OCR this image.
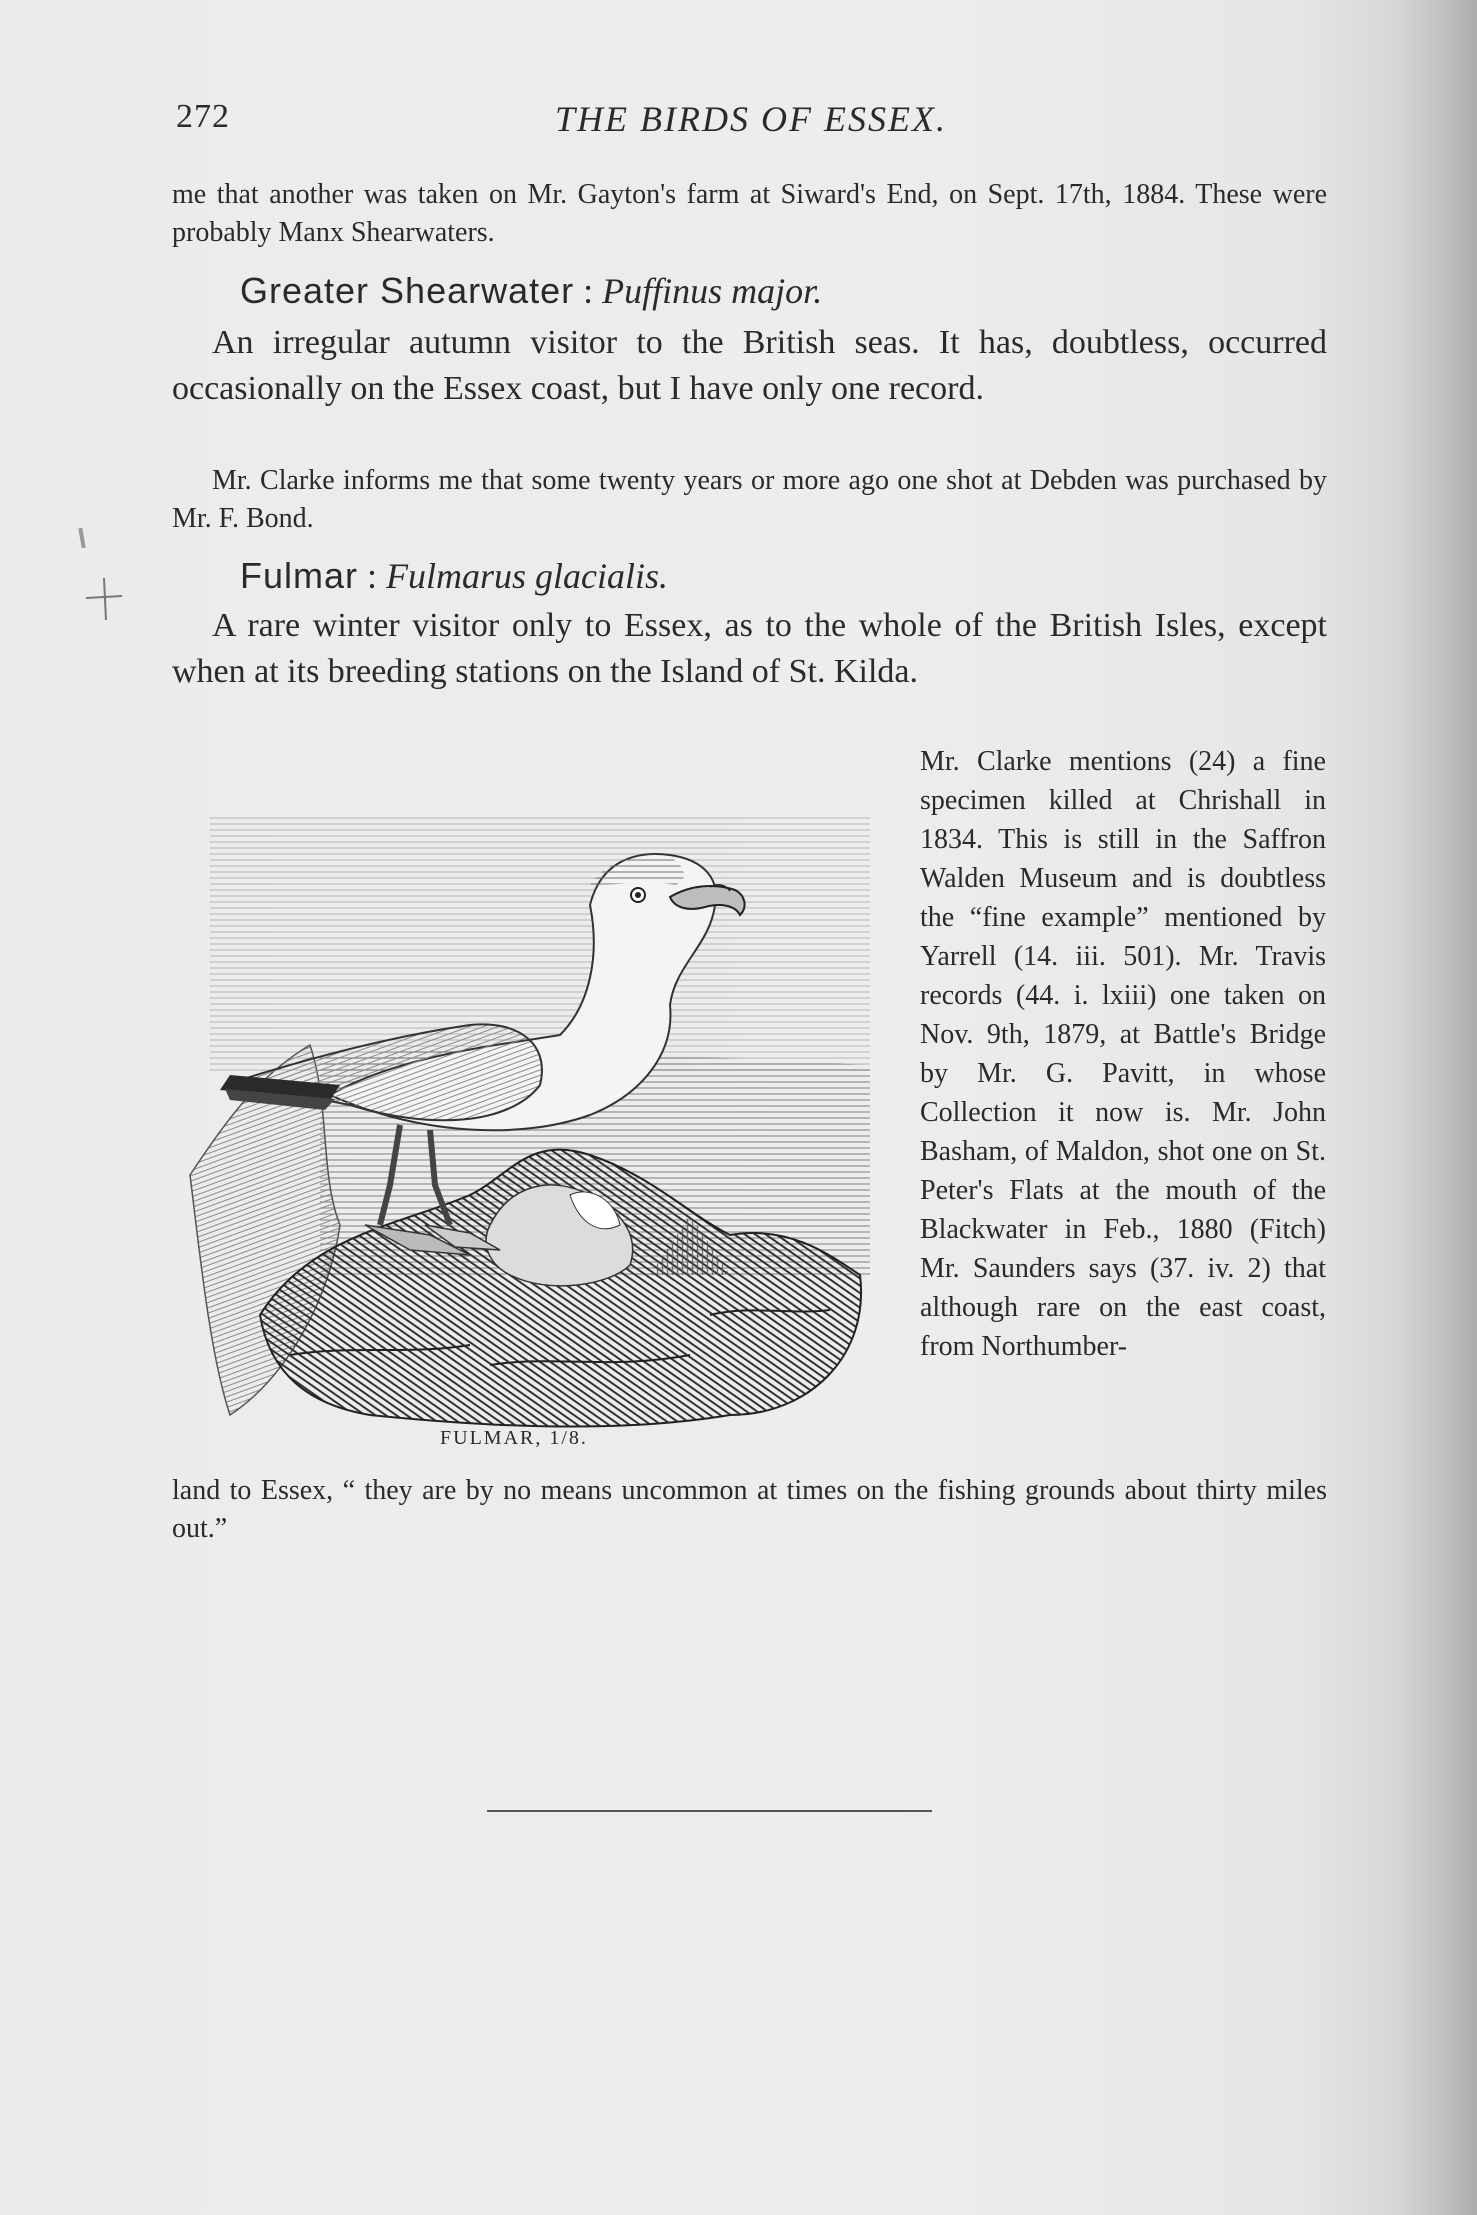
272	THE BIRDS OF ESSEX.
me that another was taken on Mr. Gayton's farm at Siward's End, on Sept. 17th, 1884. These were probably Manx Shearwaters.
Greater Shearwater : Puffinus major.
An irregular autumn visitor to the British seas. It has, doubtless, occurred occasionally on the Essex coast, but I have only one record.
Mr. Clarke informs me that some twenty years or more ago one shot at Debden was purchased by Mr. F. Bond.
Fulmar : Fulmarus glacialis.
A rare winter visitor only to Essex, as to the whole of the British Isles, except when at its breeding stations on the Island of St. Kilda.
FULMAR, 1/8.
Mr. Clarke mentions (24) a fine specimen killed at Chrishall in 1834. This is still in the Saffron Walden Museum and is doubtless the “fine example” mentioned by Yarrell (14. iii. 501). Mr. Travis records (44. i. lxiii) one taken on Nov. 9th, 1879, at Battle's Bridge by Mr. G. Pavitt, in whose Collection it now is. Mr. John Basham, of Maldon, shot one on St. Peter's Flats at the mouth of the Blackwater in Feb., 1880 (Fitch) Mr. Saunders says (37. iv. 2) that although rare on the east coast, from Northumber-
land to Essex, “ they are by no means uncommon at times on the fishing grounds about thirty miles out.”
